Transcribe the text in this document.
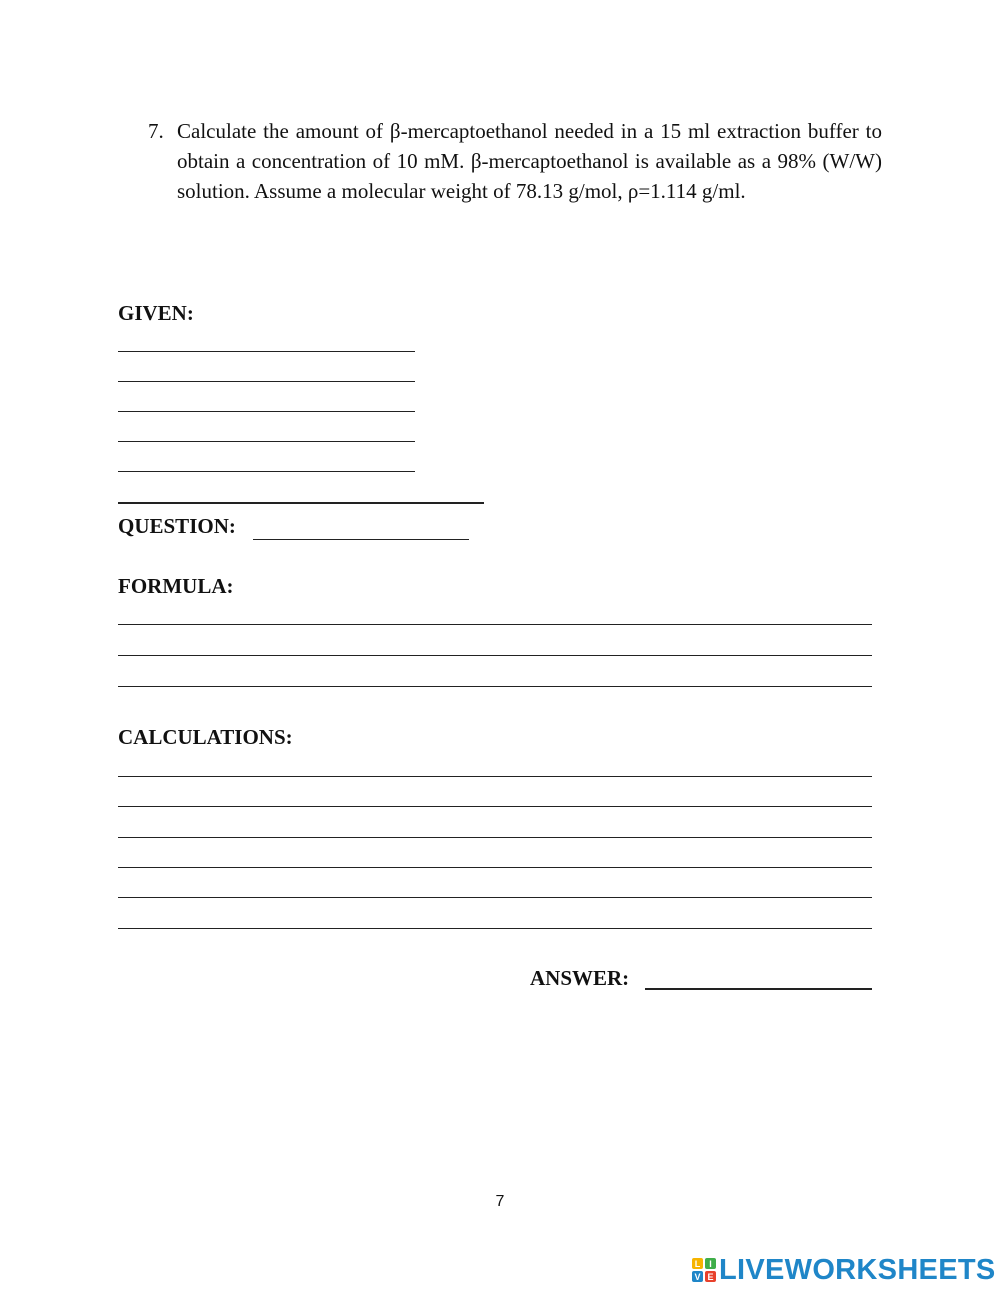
7. Calculate the amount of β-mercaptoethanol needed in a 15 ml extraction buffer to obtain a concentration of 10 mM. β-mercaptoethanol is available as a 98% (W/W) solution. Assume a molecular weight of 78.13 g/mol, ρ=1.114 g/ml.
GIVEN:
QUESTION:
FORMULA:
CALCULATIONS:
ANSWER:
7
L I
V E LIVEWORKSHEETS
